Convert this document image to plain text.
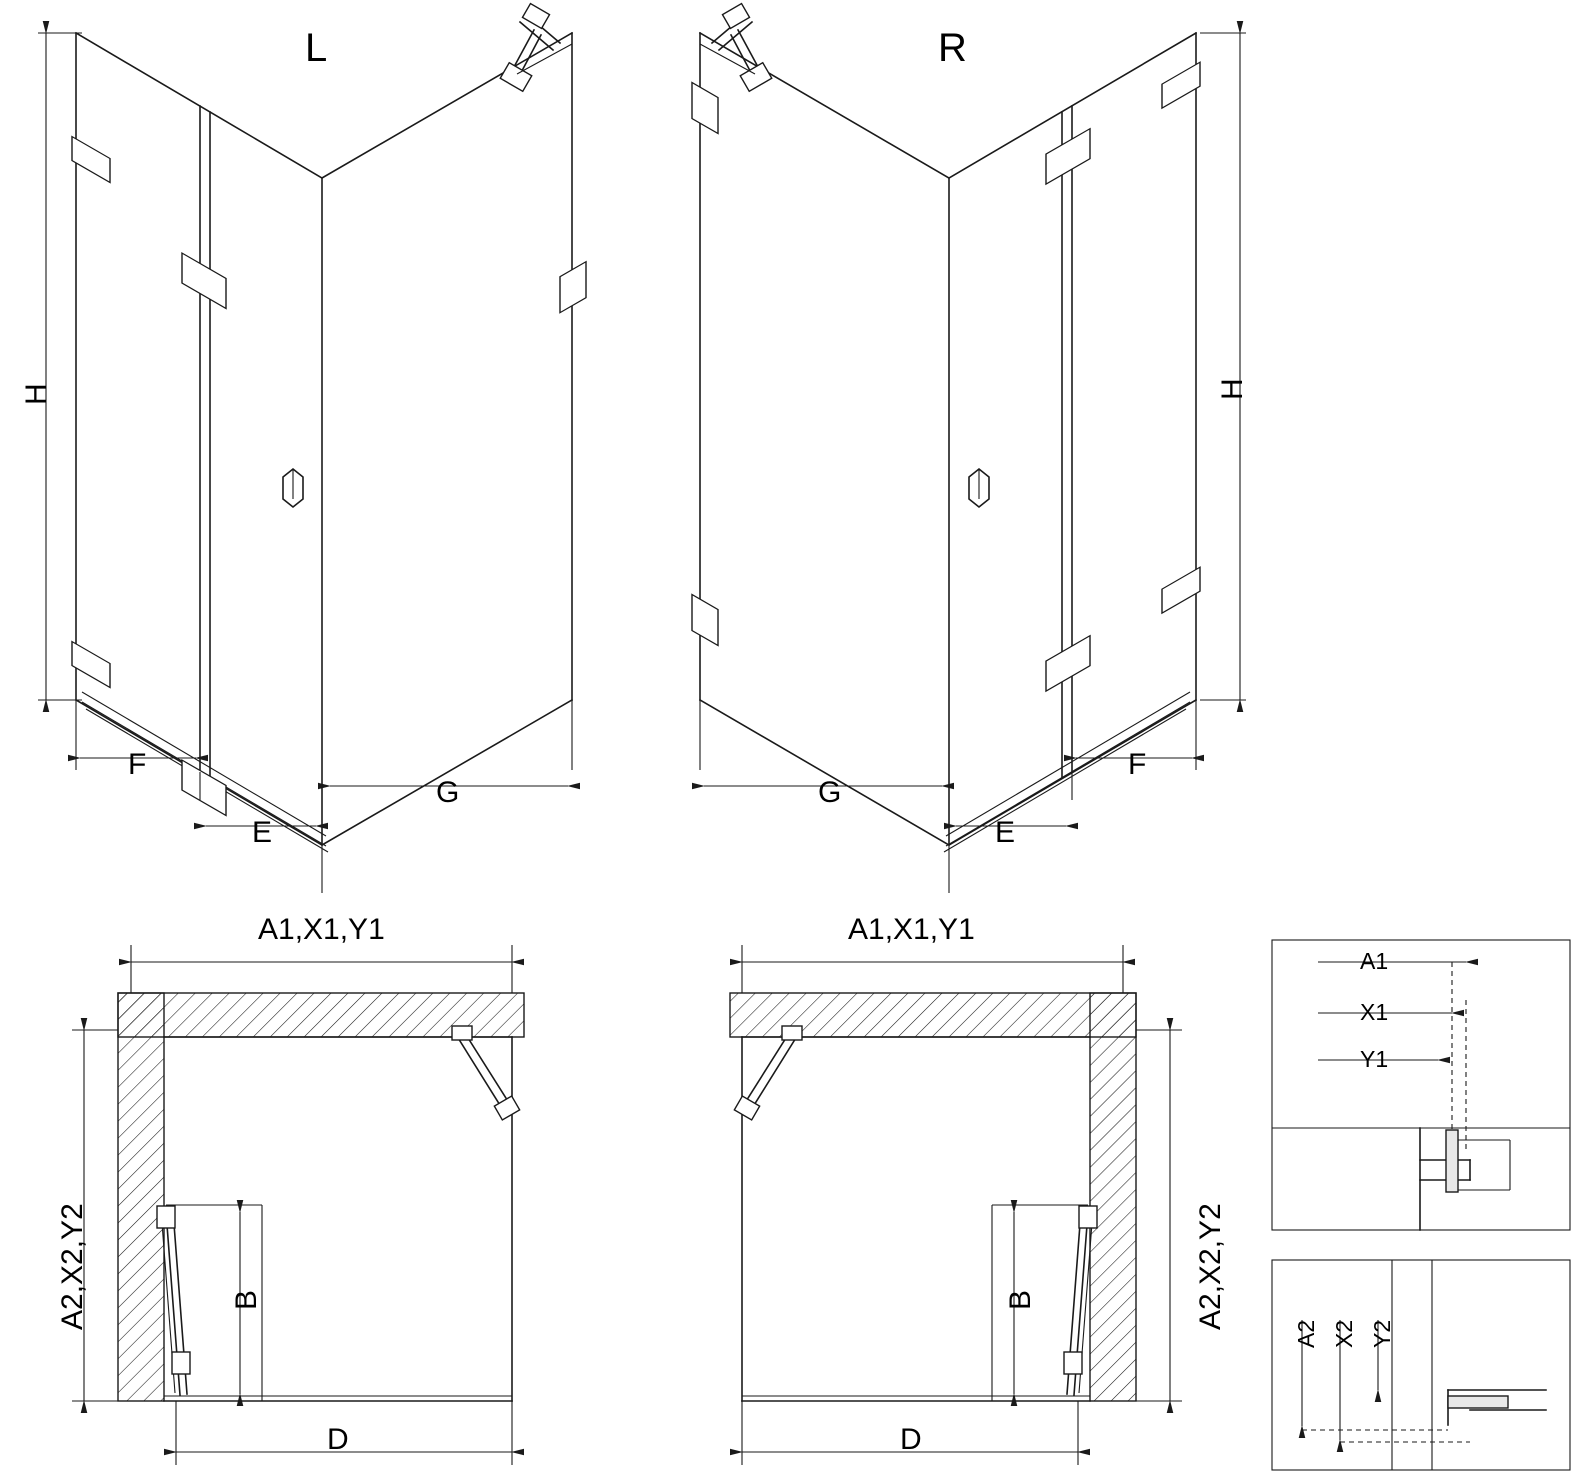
L	R
H	H
F
E
G
F
E
G
A1,X1,Y1	A1,X1,Y1
A2,X2,Y2	A2,X2,Y2
B	B
D	D
A1
X1
Y1
A2 X2 Y2
